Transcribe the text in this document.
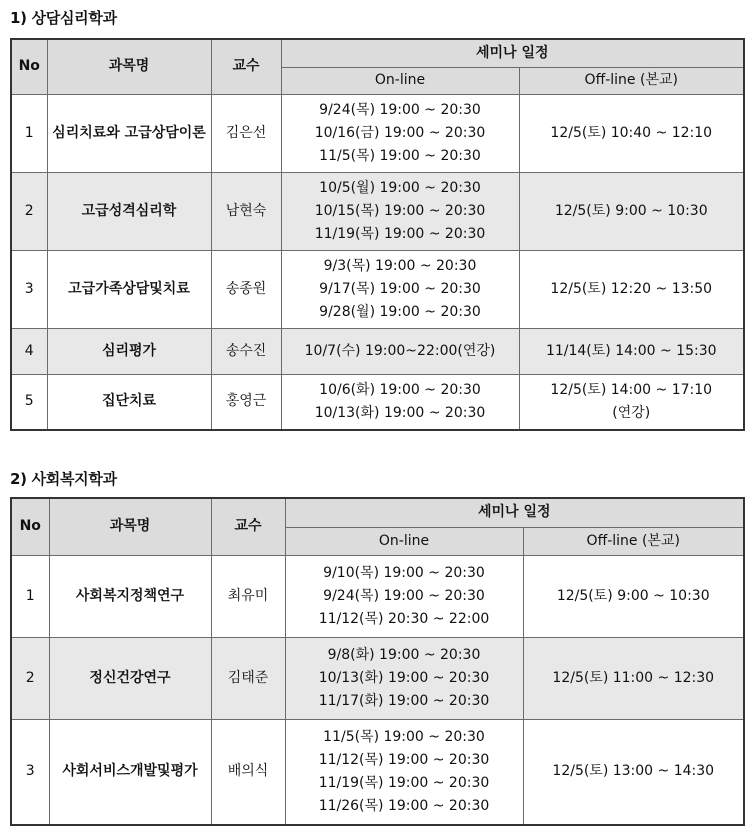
1) 상담심리학과
No	과목명	교수	세미나 일정	
			On-line	Off-line (본교)
1	심리치료와 고급상담이론	김은선	9/24(목) 19:00 ~ 20:30
10/16(금) 19:00 ~ 20:30
11/5(목) 19:00 ~ 20:30	12/5(토) 10:40 ~ 12:10

2	고급성격심리학	남현숙	10/5(월) 19:00 ~ 20:30
10/15(목) 19:00 ~ 20:30
11/19(목) 19:00 ~ 20:30	12/5(토) 9:00 ~ 10:30

3	고급가족상담및치료	송종원	9/3(목) 19:00 ~ 20:30
9/17(목) 19:00 ~ 20:30
9/28(월) 19:00 ~ 20:30	12/5(토) 12:20 ~ 13:50

4	심리평가	송수진	10/7(수) 19:00~22:00(연강)	11/14(토) 14:00 ~ 15:30

5	집단치료	홍영근	10/6(화) 19:00 ~ 20:30
10/13(화) 19:00 ~ 20:30	12/5(토) 14:00 ~ 17:10
(연강)
2) 사회복지학과
No	과목명	교수	세미나 일정	
			On-line	Off-line (본교)
1	사회복지정책연구	최유미	9/10(목) 19:00 ~ 20:30
9/24(목) 19:00 ~ 20:30
11/12(목) 20:30 ~ 22:00	12/5(토) 9:00 ~ 10:30

2	정신건강연구	김태준	9/8(화) 19:00 ~ 20:30
10/13(화) 19:00 ~ 20:30
11/17(화) 19:00 ~ 20:30	12/5(토) 11:00 ~ 12:30

3	사회서비스개발및평가	배의식	11/5(목) 19:00 ~ 20:30
11/12(목) 19:00 ~ 20:30
11/19(목) 19:00 ~ 20:30
11/26(목) 19:00 ~ 20:30	12/5(토) 13:00 ~ 14:30
